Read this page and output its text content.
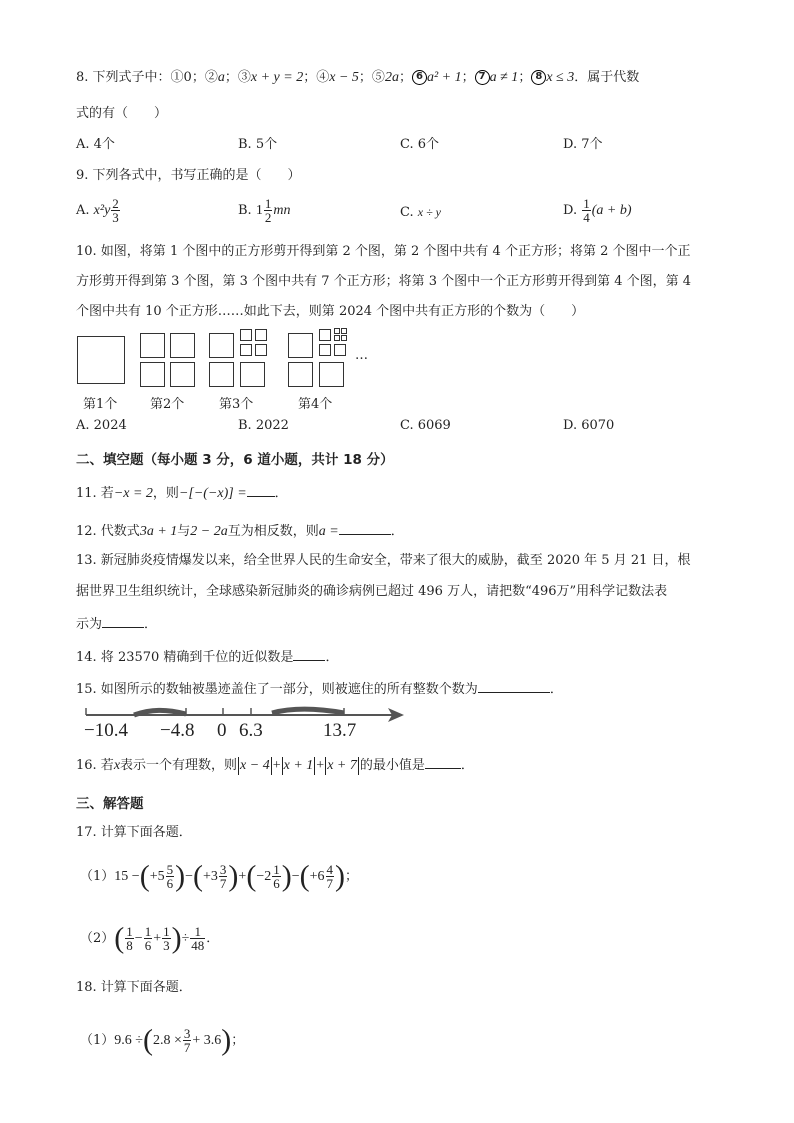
8. 下列式子中：①0；②a；③x + y = 2；④x − 5；⑤2a； 6 a² + 1； 7 a ≠ 1； 8 x ≤ 3．属于代数
式的有（　　）
A. 4个	B. 5个	C. 6个	D. 7个
9. 下列各式中，书写正确的是（　　）
A. $x^2y \frac{2}{3}$	B. $1 \frac{1}{2}$ mn	C. x ÷ y	D. $\frac{1}{4} (a + b)$
10. 如图，将第 1 个图中的正方形剪开得到第 2 个图，第 2 个图中共有 4 个正方形；将第 2 个图中一个正
方形剪开得到第 3 个图，第 3 个图中共有 7 个正方形；将第 3 个图中一个正方形剪开得到第 4 个图，第 4
个图中共有 10 个正方形……如此下去，则第 2024 个图中共有正方形的个数为（　　）
…
第1个	第2个	第3个	第4个
A. 2024	B. 2022	C. 6069	D. 6070
二、填空题（每小题 3 分，6 道小题，共计 18 分）
11. 若−x = 2，则−[−(−x)] = ．
12. 代数式3a + 1与2 − 2a互为相反数，则a =	．
13. 新冠肺炎疫情爆发以来，给全世界人民的生命安全，带来了很大的威胁，截至 2020 年 5 月 21 日，根
据世界卫生组织统计，全球感染新冠肺炎的确诊病例已超过 496 万人，请把数“496万”用科学记数法表
示为	．
14. 将 23570 精确到千位的近似数是 ．
15. 如图所示的数轴被墨迹盖住了一部分，则被遮住的所有整数个数为	．
−10.4 −4.8 0 6.3	13.7
16. 若x表示一个有理数，则 x − 4 + x + 1 + x + 7 的最小值是	．
三、解答题
17. 计算下面各题．
$(1)15 -(+5 \frac{5}{6} )-(+3 \frac{3}{7} )+(-2 \frac{1}{6} )-(+6 \frac{4}{7}$ )；
$(2)( \frac{1}{8} - \frac{1}{6} + \frac{1}{3}$ )÷ $\frac{1}{48}$ ．
18. 计算下面各题．
$(1)9.6 \div(2.8 \times \frac{3}{7} + 3.6)$；
